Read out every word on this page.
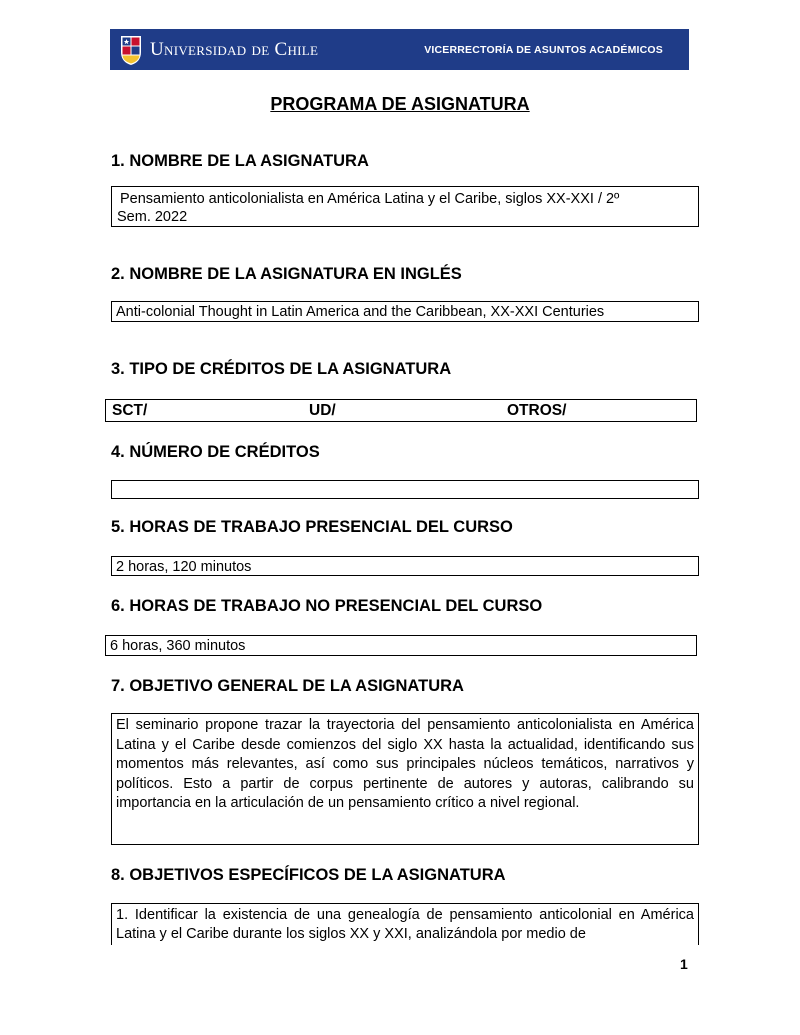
Universidad de Chile	VICERRECTORÍA DE ASUNTOS ACADÉMICOS
PROGRAMA DE ASIGNATURA
1. NOMBRE DE LA ASIGNATURA
Pensamiento anticolonialista en América Latina y el Caribe, siglos XX-XXI / 2º
Sem. 2022
2. NOMBRE DE LA ASIGNATURA EN INGLÉS
Anti-colonial Thought in Latin America and the Caribbean, XX-XXI Centuries
3. TIPO DE CRÉDITOS DE LA ASIGNATURA
SCT/	UD/	OTROS/
4. NÚMERO DE CRÉDITOS
5. HORAS DE TRABAJO PRESENCIAL DEL CURSO
2 horas, 120 minutos
6. HORAS DE TRABAJO NO PRESENCIAL DEL CURSO
6 horas, 360 minutos
7. OBJETIVO GENERAL DE LA ASIGNATURA
El seminario propone trazar la trayectoria del pensamiento anticolonialista en América Latina y el Caribe desde comienzos del siglo XX hasta la actualidad, identificando sus momentos más relevantes, así como sus principales núcleos temáticos, narrativos y políticos. Esto a partir de corpus pertinente de autores y autoras, calibrando su importancia en la articulación de un pensamiento crítico a nivel regional.
8. OBJETIVOS ESPECÍFICOS DE LA ASIGNATURA
1. Identificar la existencia de una genealogía de pensamiento anticolonial en América Latina y el Caribe durante los siglos XX y XXI, analizándola por medio de
1
